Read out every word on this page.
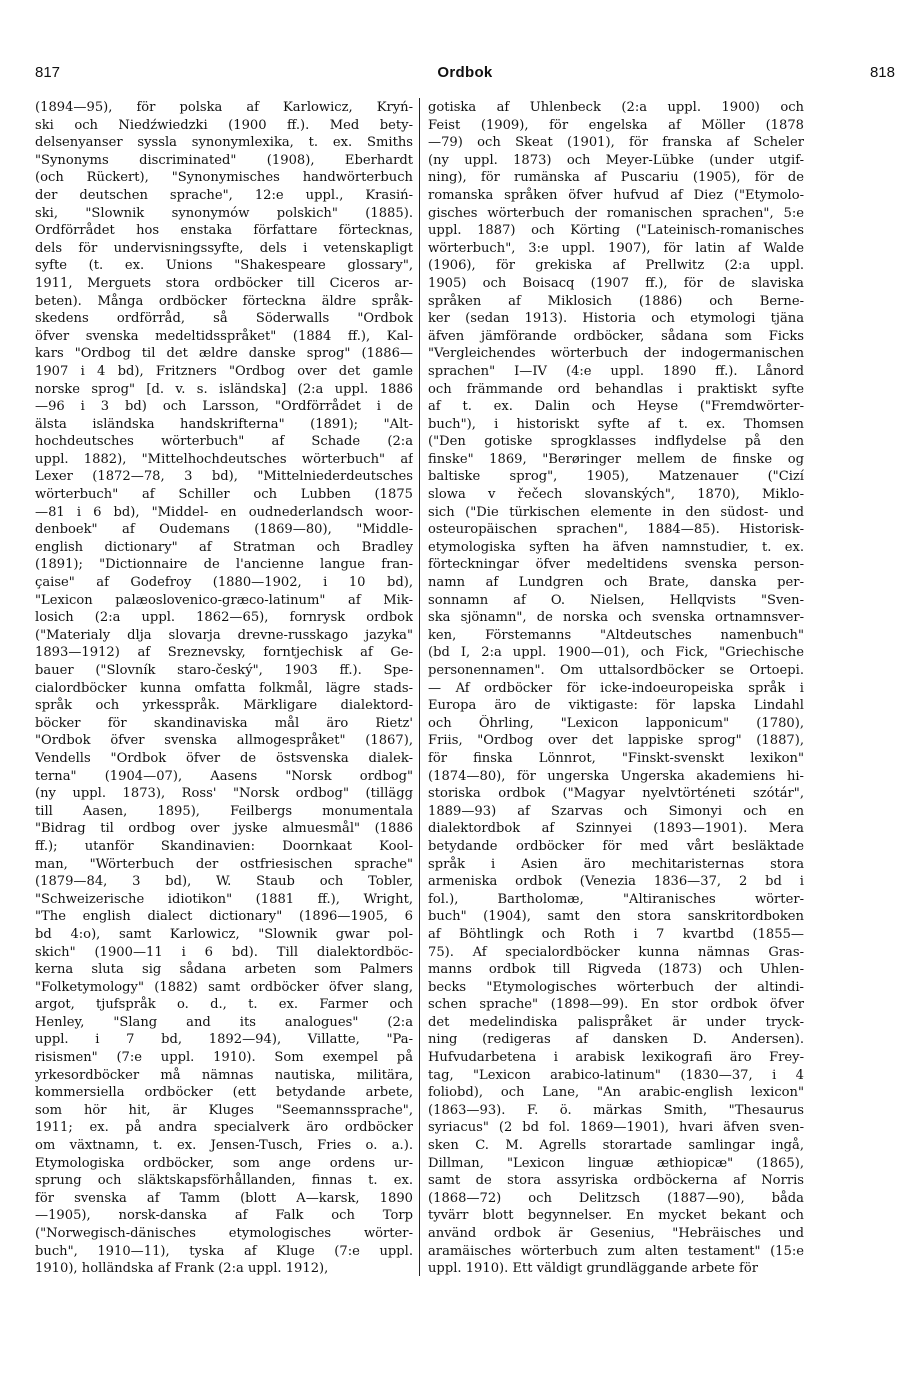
817	Ordbok	818
(1894—95), för polska af Karlowicz, Kryń-
ski och Niedźwiedzki (1900 ff.). Med bety-
delsenyanser syssla synonymlexika, t. ex. Smiths
"Synonyms discriminated" (1908), Eberhardt
(och Rückert), "Synonymisches handwörterbuch
der deutschen sprache", 12:e uppl., Krasiń-
ski, "Slownik synonymów polskich" (1885).
Ordförrådet hos enstaka författare förtecknas,
dels för undervisningssyfte, dels i vetenskapligt
syfte (t. ex. Unions "Shakespeare glossary",
1911, Merguets stora ordböcker till Ciceros ar-
beten). Många ordböcker förteckna äldre språk-
skedens ordförråd, så Söderwalls "Ordbok
öfver svenska medeltidsspråket" (1884 ff.), Kal-
kars "Ordbog til det ældre danske sprog" (1886—
1907 i 4 bd), Fritzners "Ordbog over det gamle
norske sprog" [d. v. s. isländska] (2:a uppl. 1886
—96 i 3 bd) och Larsson, "Ordförrådet i de
älsta isländska handskrifterna" (1891); "Alt-
hochdeutsches wörterbuch" af Schade (2:a
uppl. 1882), "Mittelhochdeutsches wörterbuch" af
Lexer (1872—78, 3 bd), "Mittelniederdeutsches
wörterbuch" af Schiller och Lubben (1875
—81 i 6 bd), "Middel- en oudnederlandsch woor-
denboek" af Oudemans (1869—80), "Middle-
english dictionary" af Stratman och Bradley
(1891); "Dictionnaire de l'ancienne langue fran-
çaise" af Godefroy (1880—1902, i 10 bd),
"Lexicon palæoslovenico-græco-latinum" af Mik-
losich (2:a uppl. 1862—65), fornrysk ordbok
("Materialy dlja slovarja drevne-russkago jazyka"
1893—1912) af Sreznevsky, forntjechisk af Ge-
bauer ("Slovník staro-český", 1903 ff.). Spe-
cialordböcker kunna omfatta folkmål, lägre stads-
språk och yrkesspråk. Märkligare dialektord-
böcker för skandinaviska mål äro Rietz'
"Ordbok öfver svenska allmogespråket" (1867),
Vendells "Ordbok öfver de östsvenska dialek-
terna" (1904—07), Aasens "Norsk ordbog"
(ny uppl. 1873), Ross' "Norsk ordbog" (tillägg
till Aasen, 1895), Feilbergs monumentala
"Bidrag til ordbog over jyske almuesmål" (1886
ff.); utanför Skandinavien: Doornkaat Kool-
man, "Wörterbuch der ostfriesischen sprache"
(1879—84, 3 bd), W. Staub och Tobler,
"Schweizerische idiotikon" (1881 ff.), Wright,
"The english dialect dictionary" (1896—1905, 6
bd 4:o), samt Karlowicz, "Slownik gwar pol-
skich" (1900—11 i 6 bd). Till dialektordböc-
kerna sluta sig sådana arbeten som Palmers
"Folketymology" (1882) samt ordböcker öfver slang,
argot, tjufspråk o. d., t. ex. Farmer och
Henley, "Slang and its analogues" (2:a
uppl. i 7 bd, 1892—94), Villatte, "Pa-
risismen" (7:e uppl. 1910). Som exempel på
yrkesordböcker må nämnas nautiska, militära,
kommersiella ordböcker (ett betydande arbete,
som hör hit, är Kluges "Seemannssprache",
1911; ex. på andra specialverk äro ordböcker
om växtnamn, t. ex. Jensen-Tusch, Fries o. a.).
Etymologiska ordböcker, som ange ordens ur-
sprung och släktskapsförhållanden, finnas t. ex.
för svenska af Tamm (blott A—karsk, 1890
—1905), norsk-danska af Falk och Torp
("Norwegisch-dänisches etymologisches wörter-
buch", 1910—11), tyska af Kluge (7:e uppl.
1910), holländska af Frank (2:a uppl. 1912),
gotiska af Uhlenbeck (2:a uppl. 1900) och
Feist (1909), för engelska af Möller (1878
—79) och Skeat (1901), för franska af Scheler
(ny uppl. 1873) och Meyer-Lübke (under utgif-
ning), för rumänska af Puscariu (1905), för de
romanska språken öfver hufvud af Diez ("Etymolo-
gisches wörterbuch der romanischen sprachen", 5:e
uppl. 1887) och Körting ("Lateinisch-romanisches
wörterbuch", 3:e uppl. 1907), för latin af Walde
(1906), för grekiska af Prellwitz (2:a uppl.
1905) och Boisacq (1907 ff.), för de slaviska
språken af Miklosich (1886) och Berne-
ker (sedan 1913). Historia och etymologi tjäna
äfven jämförande ordböcker, sådana som Ficks
"Vergleichendes wörterbuch der indogermanischen
sprachen" I—IV (4:e uppl. 1890 ff.). Lånord
och främmande ord behandlas i praktiskt syfte
af t. ex. Dalin och Heyse ("Fremdwörter-
buch"), i historiskt syfte af t. ex. Thomsen
("Den gotiske sprogklasses indflydelse på den
finske" 1869, "Berøringer mellem de finske og
baltiske sprog", 1905), Matzenauer ("Cizí
slowa v řečech slovanských", 1870), Miklo-
sich ("Die türkischen elemente in den südost- und
osteuropäischen sprachen", 1884—85). Historisk-
etymologiska syften ha äfven namnstudier, t. ex.
förteckningar öfver medeltidens svenska person-
namn af Lundgren och Brate, danska per-
sonnamn af O. Nielsen, Hellqvists "Sven-
ska sjönamn", de norska och svenska ortnamnsver-
ken, Förstemanns "Altdeutsches namenbuch"
(bd I, 2:a uppl. 1900—01), och Fick, "Griechische
personennamen". Om uttalsordböcker se Ortoepi.
— Af ordböcker för icke-indoeuropeiska språk i
Europa äro de viktigaste: för lapska Lindahl
och Öhrling, "Lexicon lapponicum" (1780),
Friis, "Ordbog over det lappiske sprog" (1887),
för finska Lönnrot, "Finskt-svenskt lexikon"
(1874—80), för ungerska Ungerska akademiens hi-
storiska ordbok ("Magyar nyelvtörténeti szótár",
1889—93) af Szarvas och Simonyi och en
dialektordbok af Szinnyei (1893—1901). Mera
betydande ordböcker för med vårt besläktade
språk i Asien äro mechitaristernas stora
armeniska ordbok (Venezia 1836—37, 2 bd i
fol.), Bartholomæ, "Altiranisches wörter-
buch" (1904), samt den stora sanskritordboken
af Böhtlingk och Roth i 7 kvartbd (1855—
75). Af specialordböcker kunna nämnas Gras-
manns ordbok till Rigveda (1873) och Uhlen-
becks "Etymologisches wörterbuch der altindi-
schen sprache" (1898—99). En stor ordbok öfver
det medelindiska palispråket är under tryck-
ning (redigeras af dansken D. Andersen).
Hufvudarbetena i arabisk lexikografi äro Frey-
tag, "Lexicon arabico-latinum" (1830—37, i 4
foliobd), och Lane, "An arabic-english lexicon"
(1863—93). F. ö. märkas Smith, "Thesaurus
syriacus" (2 bd fol. 1869—1901), hvari äfven sven-
sken C. M. Agrells storartade samlingar ingå,
Dillman, "Lexicon linguæ æthiopicæ" (1865),
samt de stora assyriska ordböckerna af Norris
(1868—72) och Delitzsch (1887—90), båda
tyvärr blott begynnelser. En mycket bekant och
använd ordbok är Gesenius, "Hebräisches und
aramäisches wörterbuch zum alten testament" (15:e
uppl. 1910). Ett väldigt grundläggande arbete för
